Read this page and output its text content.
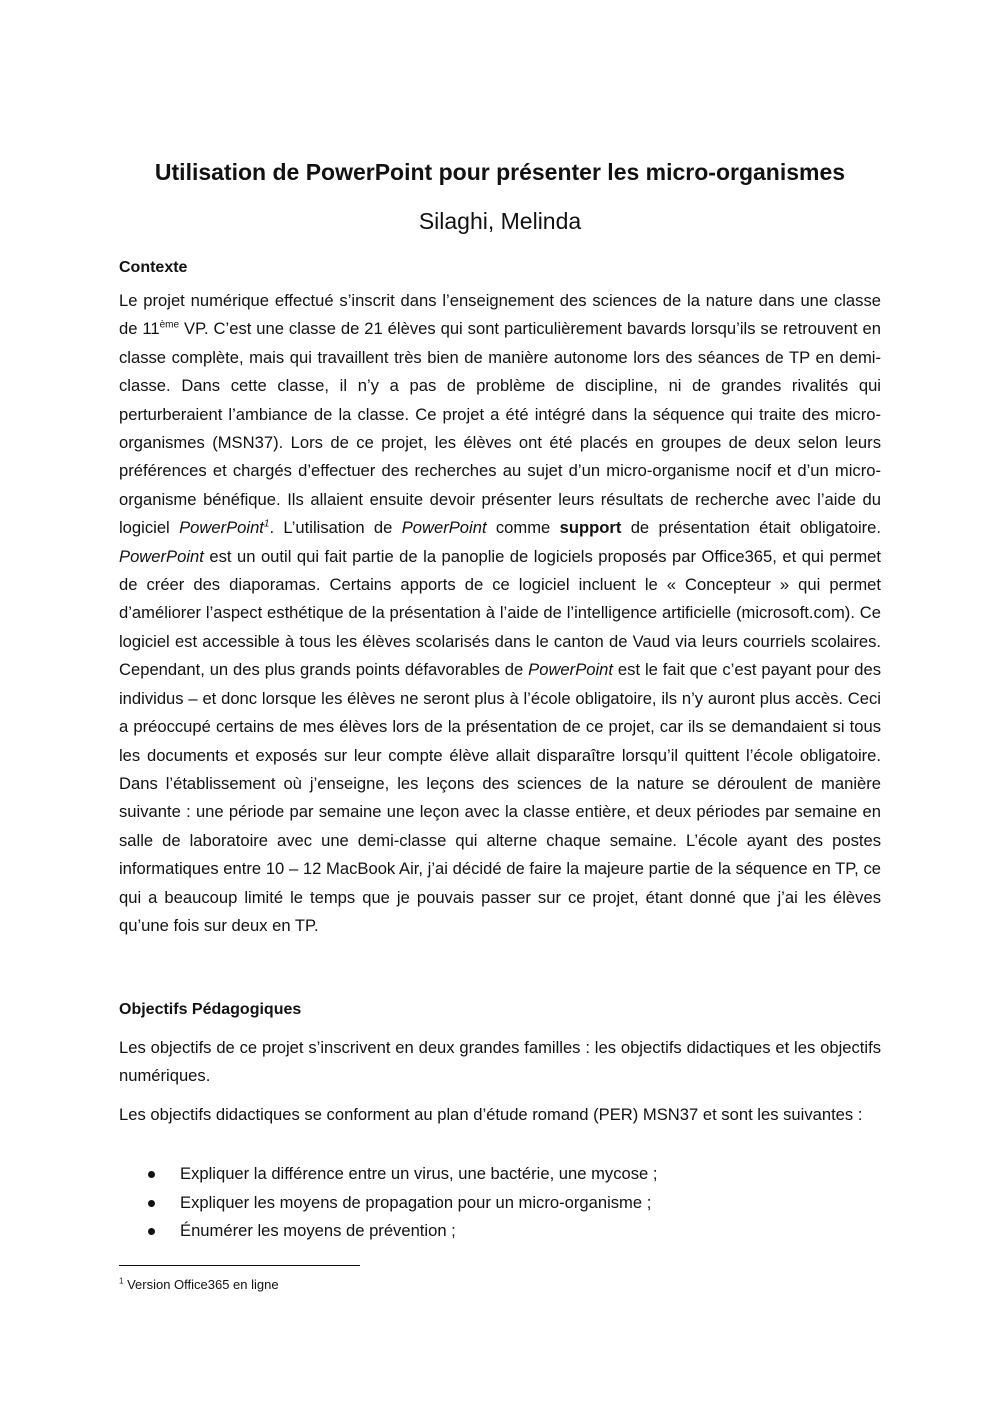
Utilisation de PowerPoint pour présenter les micro-organismes
Silaghi, Melinda
Contexte

Le projet numérique effectué s’inscrit dans l’enseignement des sciences de la nature dans une classe de 11ème VP. C’est une classe de 21 élèves qui sont particulièrement bavards lorsqu’ils se retrouvent en classe complète, mais qui travaillent très bien de manière autonome lors des séances de TP en demi-classe. Dans cette classe, il n’y a pas de problème de discipline, ni de grandes rivalités qui perturberaient l’ambiance de la classe. Ce projet a été intégré dans la séquence qui traite des micro-organismes (MSN37). Lors de ce projet, les élèves ont été placés en groupes de deux selon leurs préférences et chargés d’effectuer des recherches au sujet d’un micro-organisme nocif et d’un micro-organisme bénéfique. Ils allaient ensuite devoir présenter leurs résultats de recherche avec l’aide du logiciel PowerPoint$^1$. L’utilisation de PowerPoint comme support de présentation était obligatoire. PowerPoint est un outil qui fait partie de la panoplie de logiciels proposés par Office365, et qui permet de créer des diaporamas. Certains apports de ce logiciel incluent le « Concepteur » qui permet d’améliorer l’aspect esthétique de la présentation à l’aide de l’intelligence artificielle (microsoft.com). Ce logiciel est accessible à tous les élèves scolarisés dans le canton de Vaud via leurs courriels scolaires. Cependant, un des plus grands points défavorables de PowerPoint est le fait que c’est payant pour des individus – et donc lorsque les élèves ne seront plus à l’école obligatoire, ils n’y auront plus accès. Ceci a préoccupé certains de mes élèves lors de la présentation de ce projet, car ils se demandaient si tous les documents et exposés sur leur compte élève allait disparaître lorsqu’il quittent l’école obligatoire. Dans l’établissement où j’enseigne, les leçons des sciences de la nature se déroulent de manière suivante : une période par semaine une leçon avec la classe entière, et deux périodes par semaine en salle de laboratoire avec une demi-classe qui alterne chaque semaine. L’école ayant des postes informatiques entre 10 – 12 MacBook Air, j’ai décidé de faire la majeure partie de la séquence en TP, ce qui a beaucoup limité le temps que je pouvais passer sur ce projet, étant donné que j’ai les élèves qu’une fois sur deux en TP.

Objectifs Pédagogiques

Les objectifs de ce projet s’inscrivent en deux grandes familles : les objectifs didactiques et les objectifs numériques.

Les objectifs didactiques se conforment au plan d’étude romand (PER) MSN37 et sont les suivantes :

Expliquer la différence entre un virus, une bactérie, une mycose ;
Expliquer les moyens de propagation pour un micro-organisme ;
Énumérer les moyens de prévention ;
$^1$ Version Office365 en ligne
